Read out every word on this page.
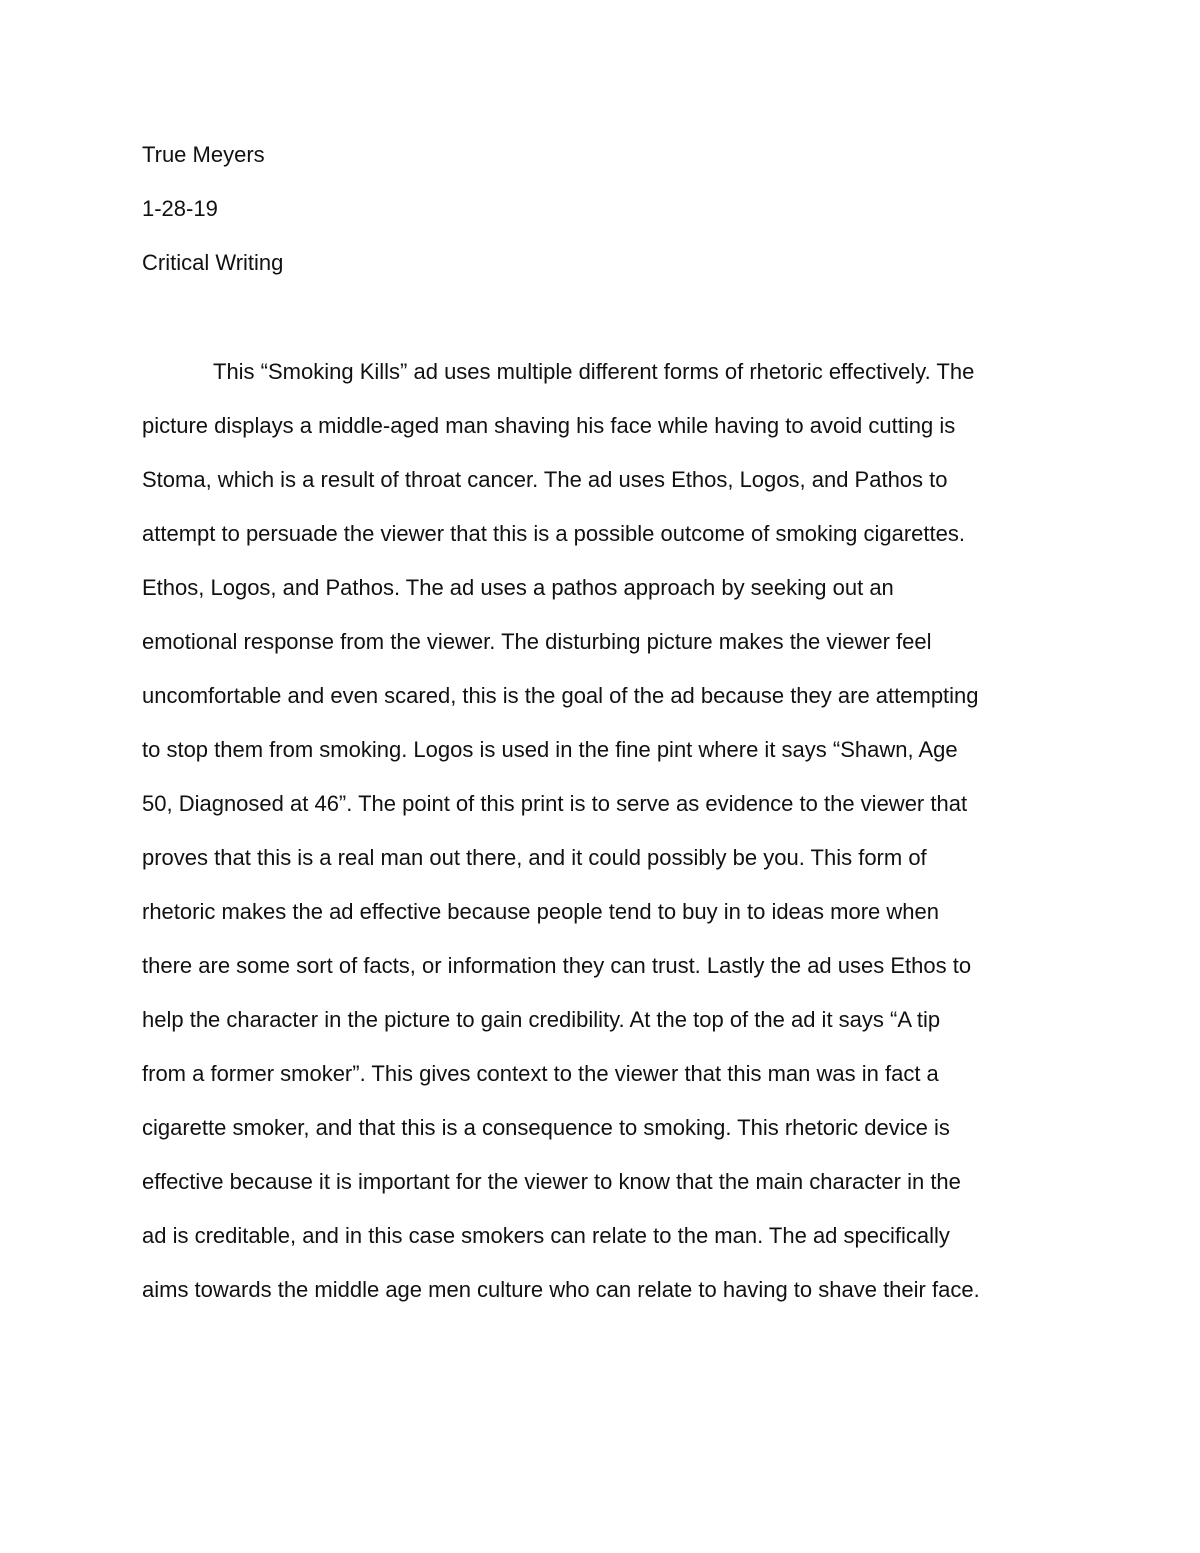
True Meyers
1-28-19
Critical Writing
This “Smoking Kills” ad uses multiple different forms of rhetoric effectively. The
picture displays a middle-aged man shaving his face while having to avoid cutting is
Stoma, which is a result of throat cancer. The ad uses Ethos, Logos, and Pathos to
attempt to persuade the viewer that this is a possible outcome of smoking cigarettes.
Ethos, Logos, and Pathos. The ad uses a pathos approach by seeking out an
emotional response from the viewer. The disturbing picture makes the viewer feel
uncomfortable and even scared, this is the goal of the ad because they are attempting
to stop them from smoking. Logos is used in the fine pint where it says “Shawn, Age
50, Diagnosed at 46”. The point of this print is to serve as evidence to the viewer that
proves that this is a real man out there, and it could possibly be you. This form of
rhetoric makes the ad effective because people tend to buy in to ideas more when
there are some sort of facts, or information they can trust. Lastly the ad uses Ethos to
help the character in the picture to gain credibility. At the top of the ad it says “A tip
from a former smoker”. This gives context to the viewer that this man was in fact a
cigarette smoker, and that this is a consequence to smoking. This rhetoric device is
effective because it is important for the viewer to know that the main character in the
ad is creditable, and in this case smokers can relate to the man. The ad specifically
aims towards the middle age men culture who can relate to having to shave their face.
